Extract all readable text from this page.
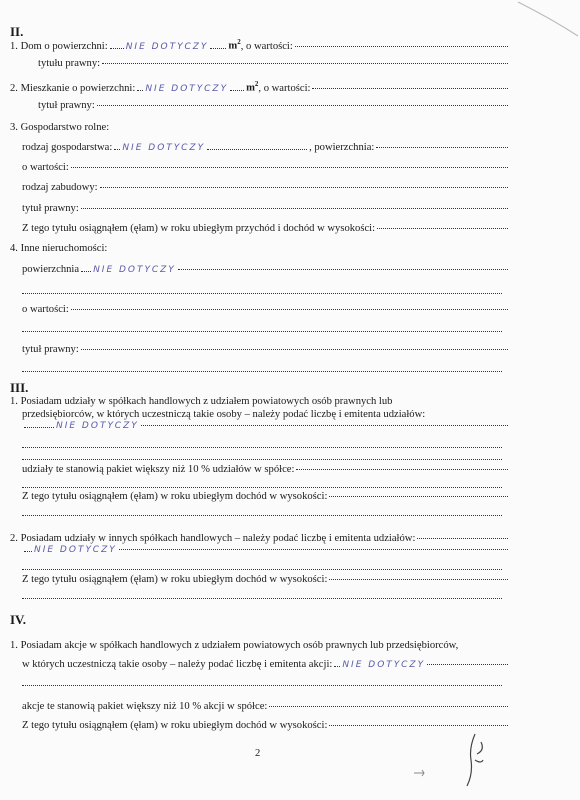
II.
1. Dom o powierzchni: NIE DOTYCZY $m^2$ , o wartości:
tytułu prawny:
2. Mieszkanie o powierzchni: NIE DOTYCZY $m^2$ , o wartości:
tytuł prawny:
3. Gospodarstwo rolne:
rodzaj gospodarstwa: NIE DOTYCZY	, powierzchnia:
o wartości:
rodzaj zabudowy:
tytuł prawny:
Z tego tytułu osiągnąłem (ęłam) w roku ubiegłym przychód i dochód w wysokości:
4. Inne nieruchomości:
powierzchnia NIE DOTYCZY
o wartości:
tytuł prawny:
III.
1. Posiadam udziały w spółkach handlowych z udziałem powiatowych osób prawnych lub
przedsiębiorców, w których uczestniczą takie osoby – należy podać liczbę i emitenta udziałów:
NIE DOTYCZY
udziały te stanowią pakiet większy niż 10 % udziałów w spółce:
Z tego tytułu osiągnąłem (ęłam) w roku ubiegłym dochód w wysokości:
2. Posiadam udziały w innych spółkach handlowych – należy podać liczbę i emitenta udziałów:
NIE DOTYCZY
Z tego tytułu osiągnąłem (ęłam) w roku ubiegłym dochód w wysokości:
IV.
1. Posiadam akcje w spółkach handlowych z udziałem powiatowych osób prawnych lub przedsiębiorców,
w których uczestniczą takie osoby – należy podać liczbę i emitenta akcji: NIE DOTYCZY
akcje te stanowią pakiet większy niż 10 % akcji w spółce:
Z tego tytułu osiągnąłem (ęłam) w roku ubiegłym dochód w wysokości:
2
